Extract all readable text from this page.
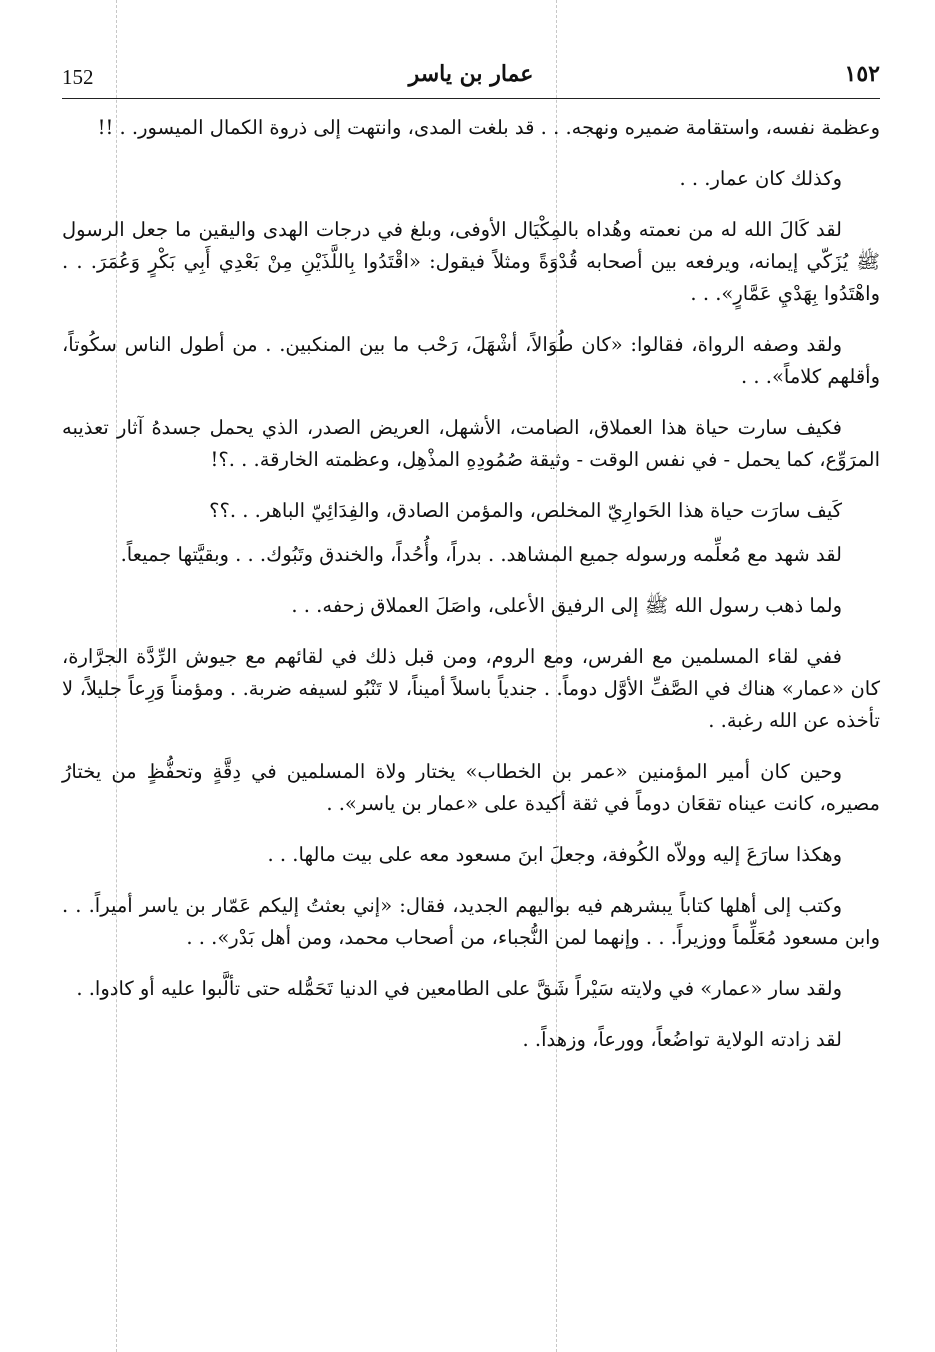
152	عمار بن ياسر	١٥٢

وعظمة نفسه، واستقامة ضميره ونهجه. . . قد بلغت المدى، وانتهت إلى ذروة الكمال الميسور. . !!

وكذلك كان عمار. . .

لقد كَالَ الله له من نعمته وهُداه بالمِكْيَال الأوفى، وبلغ في درجات الهدى واليقين ما جعل الرسول ﷺ يُزَكّي إيمانه، ويرفعه بين أصحابه قُدْوَةً ومثلاً فيقول: «اقْتَدُوا بِاللَّذَيْنِ مِنْ بَعْدِي أَبِي بَكْرٍ وَعُمَرَ. . . واهْتَدُوا بِهَدْيِ عَمَّارٍ». . .

ولقد وصفه الرواة، فقالوا: «كان طُوَالاً، أشْهَلَ، رَحْب ما بين المنكبين. . من أطول الناس سكُوتاً، وأقلهم كلاماً». . .

فكيف سارت حياة هذا العملاق، الصامت، الأشهل، العريض الصدر، الذي يحمل جسدهُ آثار تعذيبه المرَوِّع، كما يحمل - في نفس الوقت - وثيقة صُمُودِهِ المذْهِل، وعظمته الخارقة. . .؟!

كَيف سارَت حياة هذا الحَوارِيّ المخلص، والمؤمن الصادق، والفِدَائِيّ الباهر. . .؟؟

لقد شهد مع مُعلِّمه ورسوله جميع المشاهد. . بدراً، وأُحُداً، والخندق وتَبُوك. . . وبقيَّتها جميعاً.

ولما ذهب رسول الله ﷺ إلى الرفيق الأعلى، واصَلَ العملاق زحفه. . .

ففي لقاء المسلمين مع الفرس، ومع الروم، ومن قبل ذلك في لقائهم مع جيوش الرِّدَّة الجرَّارة، كان «عمار» هناك في الصَّفِّ الأوَّل دوماً. . جندياً باسلاً أميناً، لا تَنْبُو لسيفه ضربة. . ومؤمناً وَرِعاً جليلاً، لا تأخذه عن الله رغبة. .

وحين كان أمير المؤمنين «عمر بن الخطاب» يختار ولاة المسلمين في دِقَّةٍ وتحفُّظٍ من يختارُ مصيره، كانت عيناه تقعَان دوماً في ثقة أكيدة على «عمار بن ياسر». .

وهكذا سارَعَ إليه وولاّه الكُوفة، وجعلَ ابنَ مسعود معه على بيت مالها. . .

وكتب إلى أهلها كتاباً يبشرهم فيه بواليهم الجديد، فقال: «إني بعثتُ إليكم عَمّار بن ياسر أميراً. . . وابن مسعود مُعَلِّماً ووزيراً. . . وإنهما لمن النُّجباء، من أصحاب محمد، ومن أهل بَدْر». . .

ولقد سار «عمار» في ولايته سَيْراً شَقَّ على الطامعين في الدنيا تَحَمُّله حتى تألَّبوا عليه أو كادوا. .

لقد زادته الولاية تواضُعاً، وورعاً، وزهداً. .
